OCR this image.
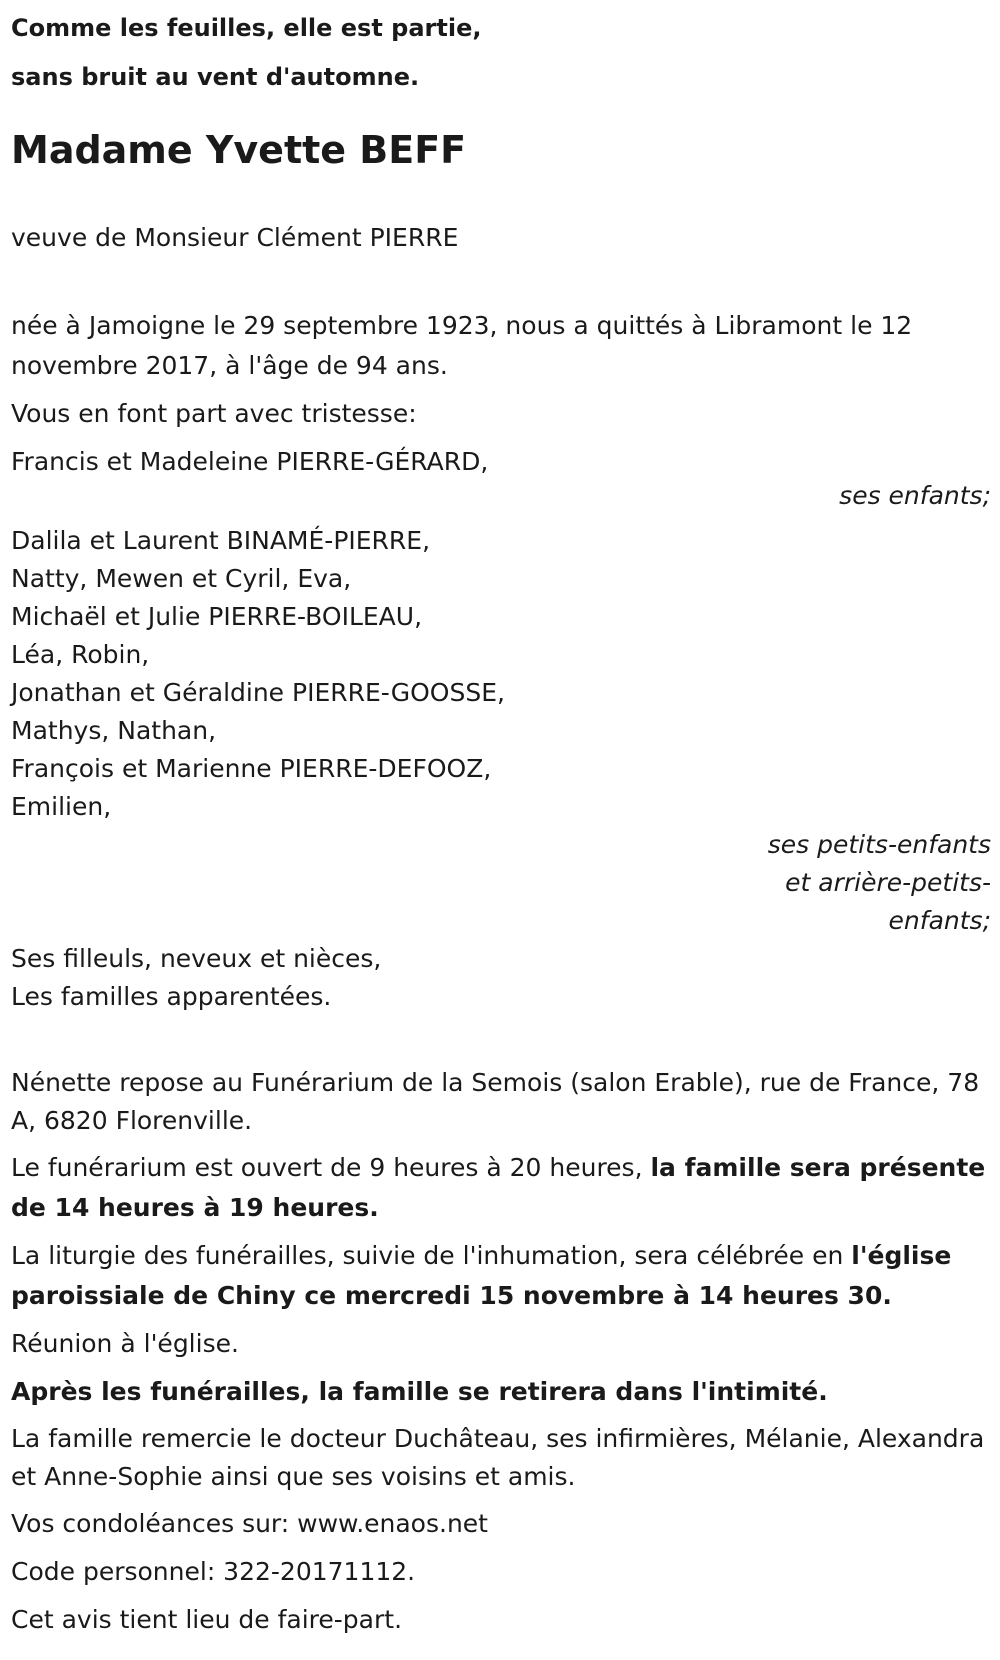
Comme les feuilles, elle est partie,
sans bruit au vent d'automne.
Madame Yvette BEFF

veuve de Monsieur Clément PIERRE

née à Jamoigne le 29 septembre 1923, nous a quittés à Libramont le 12 novembre 2017, à l'âge de 94 ans.

Vous en font part avec tristesse:

Francis et Madeleine PIERRE-GÉRARD,
ses enfants;
Dalila et Laurent BINAMÉ-PIERRE,
Natty, Mewen et Cyril, Eva,
Michaël et Julie PIERRE-BOILEAU,
Léa, Robin,
Jonathan et Géraldine PIERRE-GOOSSE,
Mathys, Nathan,
François et Marienne PIERRE-DEFOOZ,
Emilien,
ses petits-enfants
et arrière-petits-
enfants;
Ses filleuls, neveux et nièces,
Les familles apparentées.

Nénette repose au Funérarium de la Semois (salon Erable), rue de France, 78 A, 6820 Florenville.

Le funérarium est ouvert de 9 heures à 20 heures, la famille sera présente de 14 heures à 19 heures.

La liturgie des funérailles, suivie de l'inhumation, sera célébrée en l'église paroissiale de Chiny ce mercredi 15 novembre à 14 heures 30.

Réunion à l'église.

Après les funérailles, la famille se retirera dans l'intimité.

La famille remercie le docteur Duchâteau, ses infirmières, Mélanie, Alexandra et Anne-Sophie ainsi que ses voisins et amis.

Vos condoléances sur: www.enaos.net

Code personnel: 322-20171112.

Cet avis tient lieu de faire-part.
